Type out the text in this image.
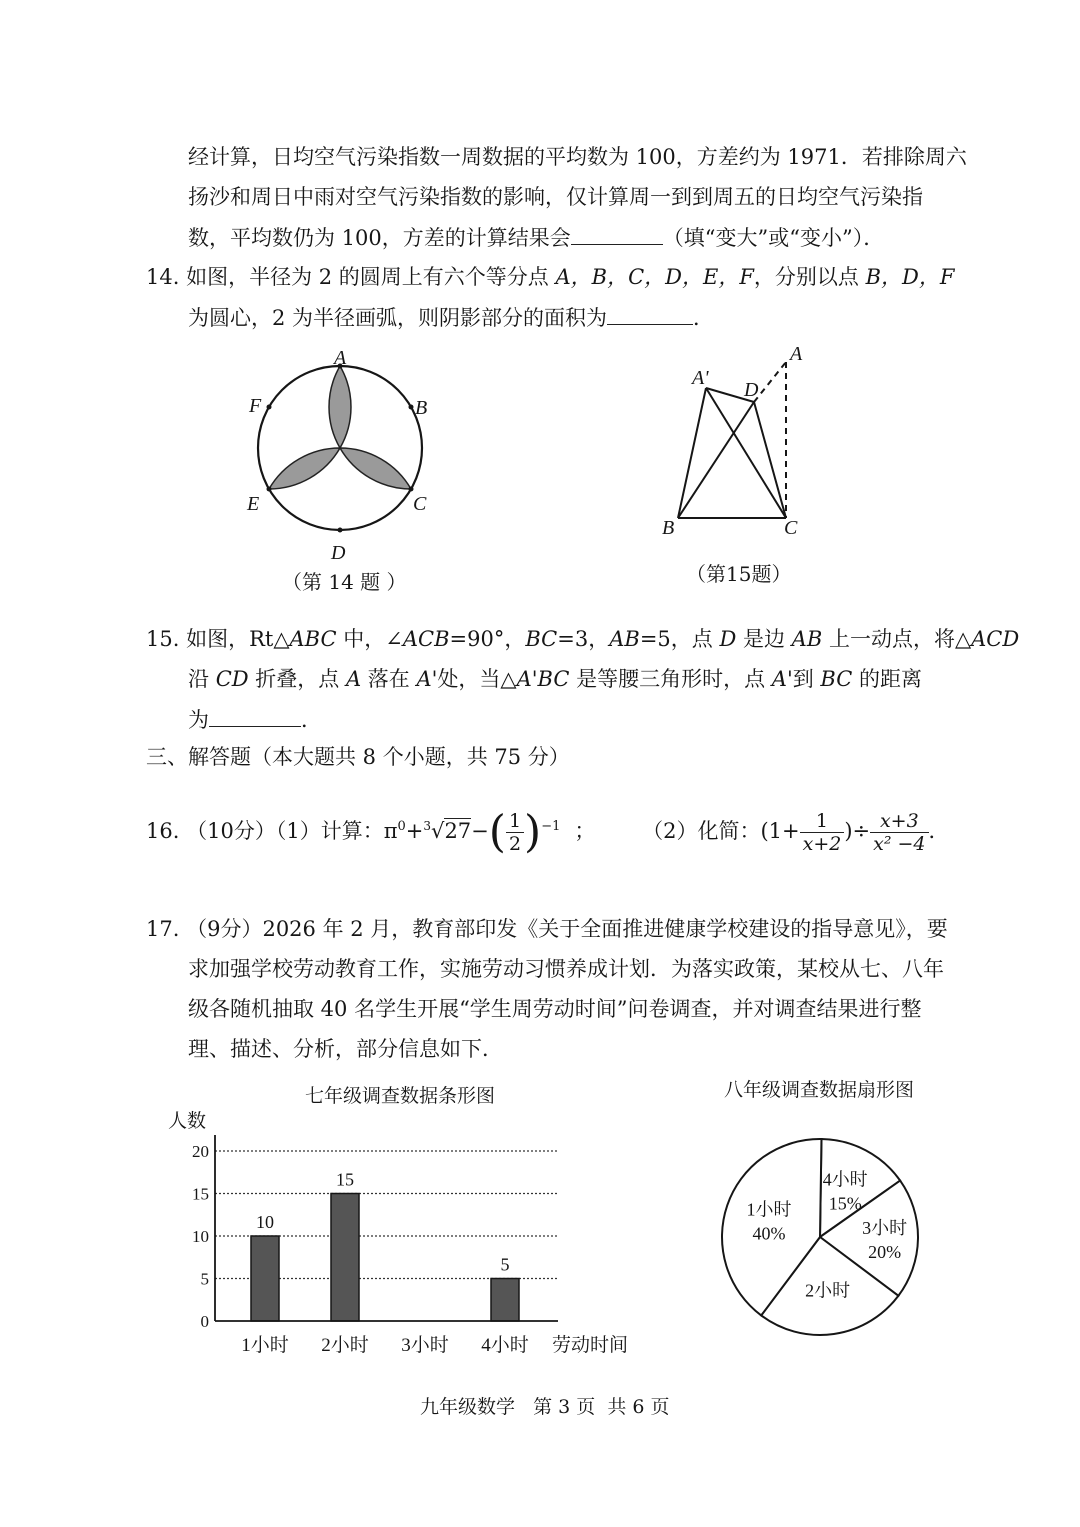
经计算，日均空气污染指数一周数据的平均数为 100，方差约为 1971．若排除周六
扬沙和周日中雨对空气污染指数的影响，仅计算周一到到周五的日均空气污染指
数，平均数仍为 100，方差的计算结果会	（填“变大”或“变小”）．
14. 如图，半径为 2 的圆周上有六个等分点 A，B，C，D，E，F，分别以点 B，D，F
为圆心，2 为半径画弧，则阴影部分的面积为	．
A
B
C
D
E
F
（第 14 题 ）
A
A'
D
B	C
（第15题）
15. 如图，Rt△ABC 中，∠ACB=90°，BC=3，AB=5，点 D 是边 AB 上一动点，将△ACD
沿 CD 折叠，点 A 落在 A'处，当△A'BC 是等腰三角形时，点 A'到 BC 的距离
为	．
三、解答题（本大题共 8 个小题，共 75 分）
16. （10分）（1）计算：$\pi^0+^3√27-( \frac{1}{2} )^{-1}$ ； （2）化简：($1+ \frac{1}{x+2}$ )÷ $\frac{x+3}{\text{x² −4}}$ ．
17. （9分）2026 年 2 月，教育部印发《关于全面推进健康学校建设的指导意见》，要
求加强学校劳动教育工作，实施劳动习惯养成计划．为落实政策，某校从七、八年
级各随机抽取 40 名学生开展“学生周劳动时间”问卷调查，并对调查结果进行整
理、描述、分析，部分信息如下．
七年级调查数据条形图
人数
劳动时间
0
5
10
15
20
10
15
5
1小时 2小时 3小时 4小时
八年级调查数据扇形图
4小时
15%
3小时
20%
2小时
1小时
40%
九年级数学   第 3 页  共 6 页
